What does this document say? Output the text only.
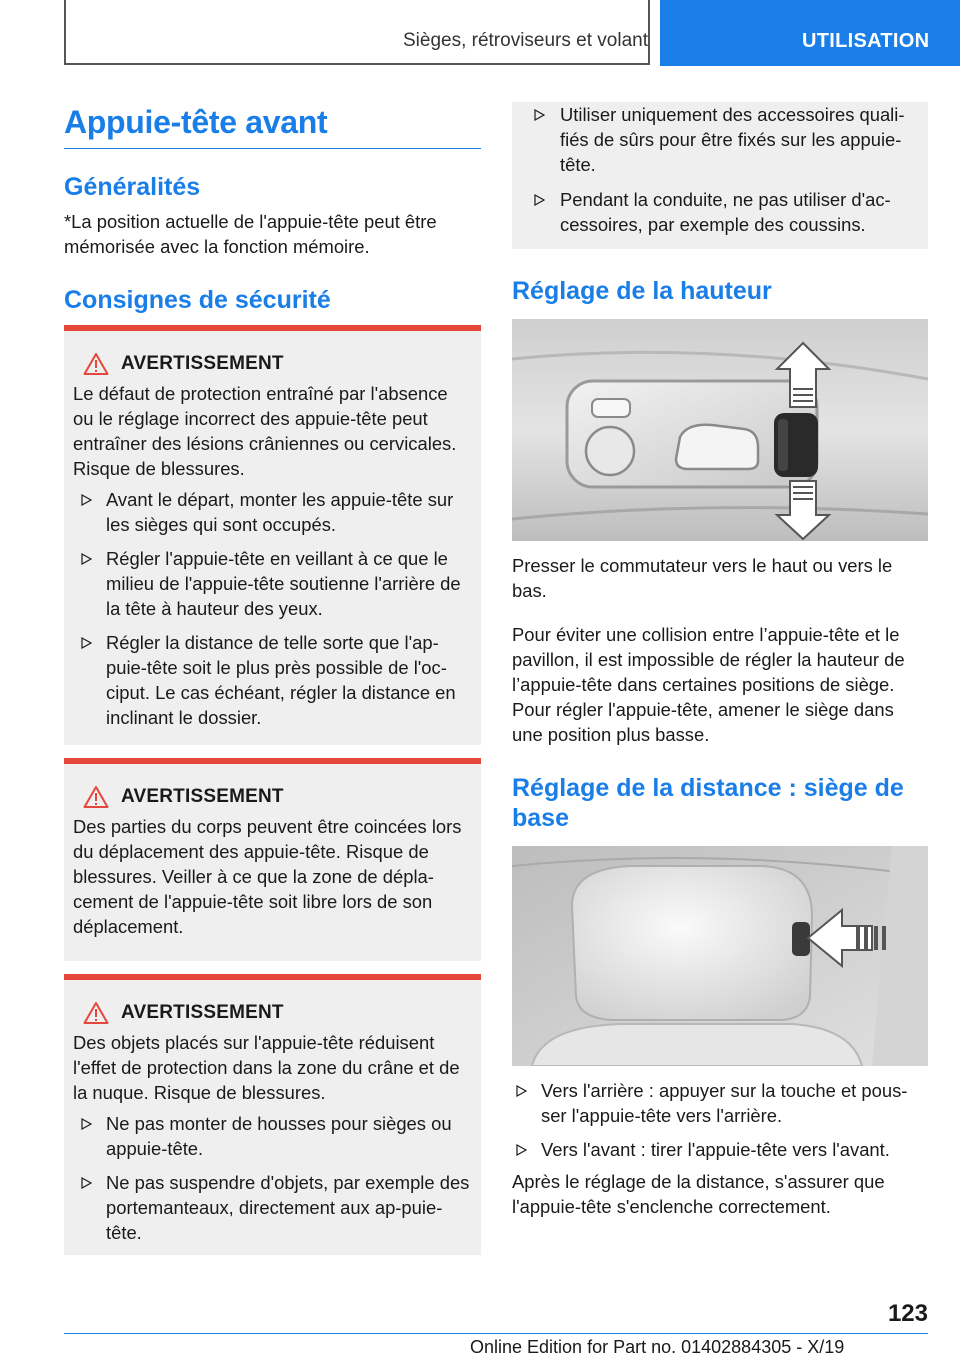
Sièges, rétroviseurs et volant	UTILISATION
Appuie-tête avant
Généralités

*La position actuelle de l'appuie-tête peut être mémorisée avec la fonction mémoire.

Consignes de sécurité
AVERTISSEMENT

Le défaut de protection entraîné par l'absence ou le réglage incorrect des appuie-tête peut entraîner des lésions crâniennes ou cervicales. Risque de blessures.

Avant le départ, monter les appuie-tête sur les sièges qui sont occupés.
Régler l'appuie-tête en veillant à ce que le milieu de l'appuie-tête soutienne l'arrière de la tête à hauteur des yeux.
Régler la distance de telle sorte que l'ap-puie-tête soit le plus près possible de l'oc-ciput. Le cas échéant, régler la distance en inclinant le dossier.
AVERTISSEMENT

Des parties du corps peuvent être coincées lors du déplacement des appuie-tête. Risque de blessures. Veiller à ce que la zone de dépla-cement de l'appuie-tête soit libre lors de son déplacement.

AVERTISSEMENT

Des objets placés sur l'appuie-tête réduisent l'effet de protection dans la zone du crâne et de la nuque. Risque de blessures.

Ne pas monter de housses pour sièges ou appuie-tête.
Ne pas suspendre d'objets, par exemple des portemanteaux, directement aux ap-puie-tête.
Utiliser uniquement des accessoires quali-fiés de sûrs pour être fixés sur les appuie-tête.
Pendant la conduite, ne pas utiliser d'ac-cessoires, par exemple des coussins.
Réglage de la hauteur

Presser le commutateur vers le haut ou vers le bas.

Pour éviter une collision entre l’appuie-tête et le pavillon, il est impossible de régler la hauteur de l’appuie-tête dans certaines positions de siège. Pour régler l'appuie-tête, amener le siège dans une position plus basse.

Réglage de la distance : siège de base
Vers l'arrière : appuyer sur la touche et pous-ser l'appuie-tête vers l'arrière.
Vers l'avant : tirer l'appuie-tête vers l'avant.

Après le réglage de la distance, s'assurer que l'appuie-tête s'enclenche correctement.

123
Online Edition for Part no. 01402884305 - X/19
